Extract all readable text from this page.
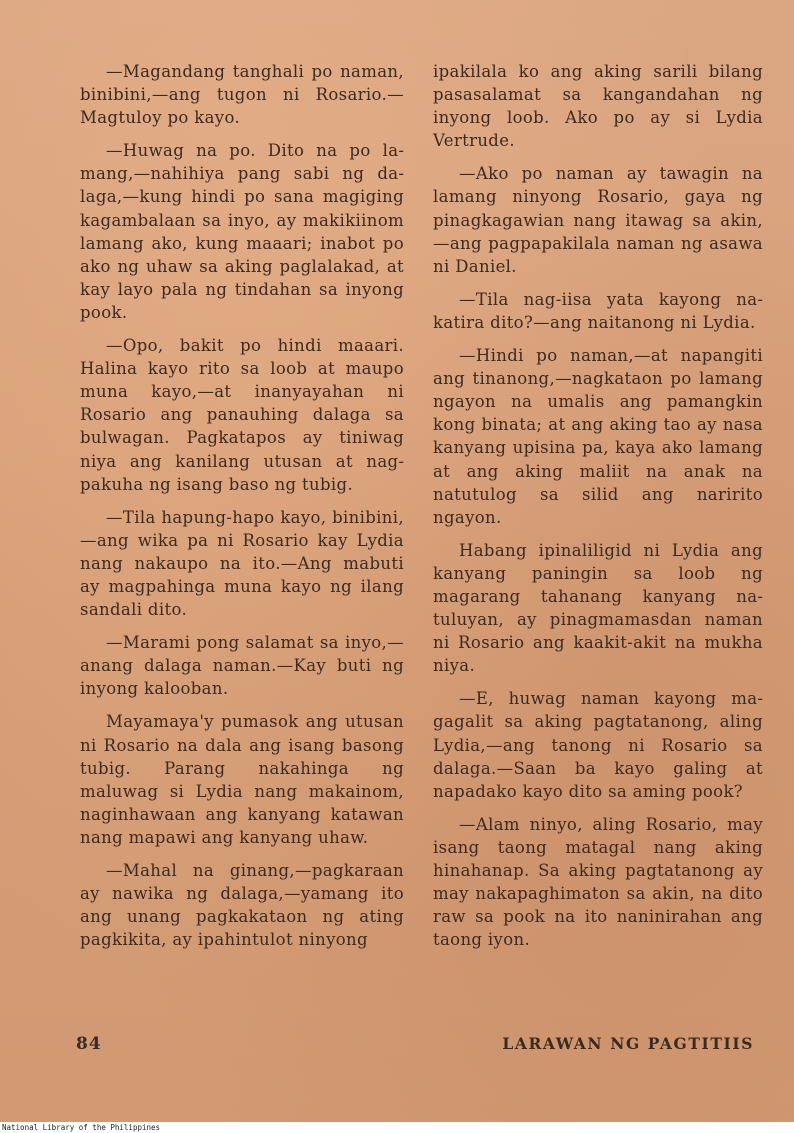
—Magandang tanghali po naman, binibini,—ang tugon ni Rosario.—Magtuloy po kayo.

—Huwag na po. Dito na po lamang,—nahihiya pang sabi ng dalaga,—kung hindi po sana magiging kagambalaan sa inyo, ay makikiinom lamang ako, kung maaari; inabot po ako ng uhaw sa aking paglalakad, at kay layo pala ng tindahan sa inyong pook.

—Opo, bakit po hindi maaari. Halina kayo rito sa loob at maupo muna kayo,—at inanyayahan ni Rosario ang panauhing dalaga sa bulwagan. Pagkatapos ay tiniwag niya ang kanilang utusan at nagpakuha ng isang baso ng tubig.

—Tila hapung-hapo kayo, binibini,—ang wika pa ni Rosario kay Lydia nang nakaupo na ito.—Ang mabuti ay magpahinga muna kayo ng ilang sandali dito.

—Marami pong salamat sa inyo,—anang dalaga naman.—Kay buti ng inyong kalooban.

Mayamaya'y pumasok ang utusan ni Rosario na dala ang isang basong tubig. Parang nakahinga ng maluwag si Lydia nang makainom, naginhawaan ang kanyang katawan nang mapawi ang kanyang uhaw.

—Mahal na ginang,—pagkaraan ay nawika ng dalaga,—yamang ito ang unang pagkakataon ng ating pagkikita, ay ipahintulot ninyong

ipakilala ko ang aking sarili bilang pasasalamat sa kangandahan ng inyong loob. Ako po ay si Lydia Vertrude.

—Ako po naman ay tawagin na lamang ninyong Rosario, gaya ng pinagkagawian nang itawag sa akin,—ang pagpapakilala naman ng asawa ni Daniel.

—Tila nag-iisa yata kayong nakatira dito?—ang naitanong ni Lydia.

—Hindi po naman,—at napangiti ang tinanong,—nagkataon po lamang ngayon na umalis ang pamangkin kong binata; at ang aking tao ay nasa kanyang upisina pa, kaya ako lamang at ang aking maliit na anak na natutulog sa silid ang naririto ngayon.

Habang ipinaliligid ni Lydia ang kanyang paningin sa loob ng magarang tahanang kanyang natuluyan, ay pinagmamasdan naman ni Rosario ang kaakit-akit na mukha niya.

—E, huwag naman kayong magagalit sa aking pagtatanong, aling Lydia,—ang tanong ni Rosario sa dalaga.—Saan ba kayo galing at napadako kayo dito sa aming pook?

—Alam ninyo, aling Rosario, may isang taong matagal nang aking hinahanap. Sa aking pagtatanong ay may nakapaghimaton sa akin, na dito raw sa pook na ito naninirahan ang taong iyon.

84	LARAWAN NG PAGTITIIS
National Library of the Philippines
